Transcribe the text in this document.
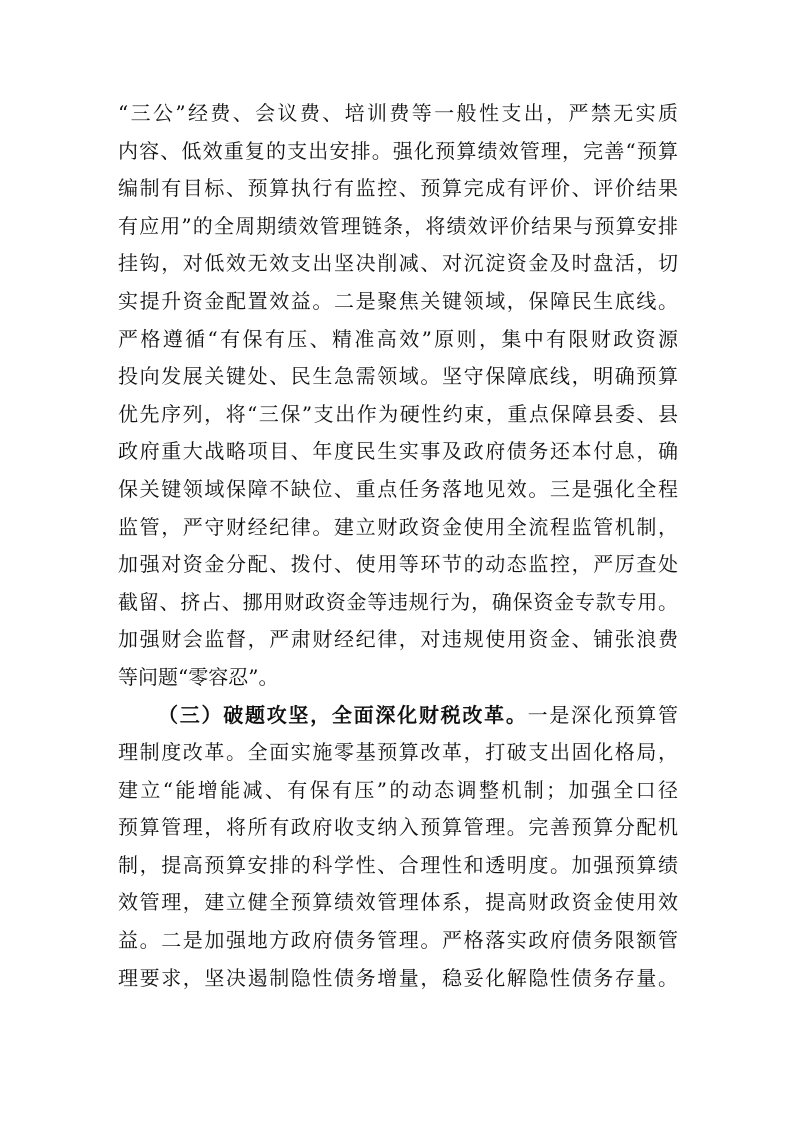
“三公”经费、会议费、培训费等一般性支出，严禁无实质
内容、低效重复的支出安排。强化预算绩效管理，完善“预算
编制有目标、预算执行有监控、预算完成有评价、评价结果
有应用”的全周期绩效管理链条，将绩效评价结果与预算安排
挂钩，对低效无效支出坚决削减、对沉淀资金及时盘活，切
实提升资金配置效益。二是聚焦关键领域，保障民生底线。
严格遵循“有保有压、精准高效”原则，集中有限财政资源
投向发展关键处、民生急需领域。坚守保障底线，明确预算
优先序列，将“三保”支出作为硬性约束，重点保障县委、县
政府重大战略项目、年度民生实事及政府债务还本付息，确
保关键领域保障不缺位、重点任务落地见效。三是强化全程
监管，严守财经纪律。建立财政资金使用全流程监管机制，
加强对资金分配、拨付、使用等环节的动态监控，严厉查处
截留、挤占、挪用财政资金等违规行为，确保资金专款专用。
加强财会监督，严肃财经纪律，对违规使用资金、铺张浪费
等问题“零容忍”。
（三）破题攻坚，全面深化财税改革。一是深化预算管
理制度改革。全面实施零基预算改革，打破支出固化格局，
建立“能增能减、有保有压”的动态调整机制；加强全口径
预算管理，将所有政府收支纳入预算管理。完善预算分配机
制，提高预算安排的科学性、合理性和透明度。加强预算绩
效管理，建立健全预算绩效管理体系，提高财政资金使用效
益。二是加强地方政府债务管理。严格落实政府债务限额管
理要求，坚决遏制隐性债务增量，稳妥化解隐性债务存量。
